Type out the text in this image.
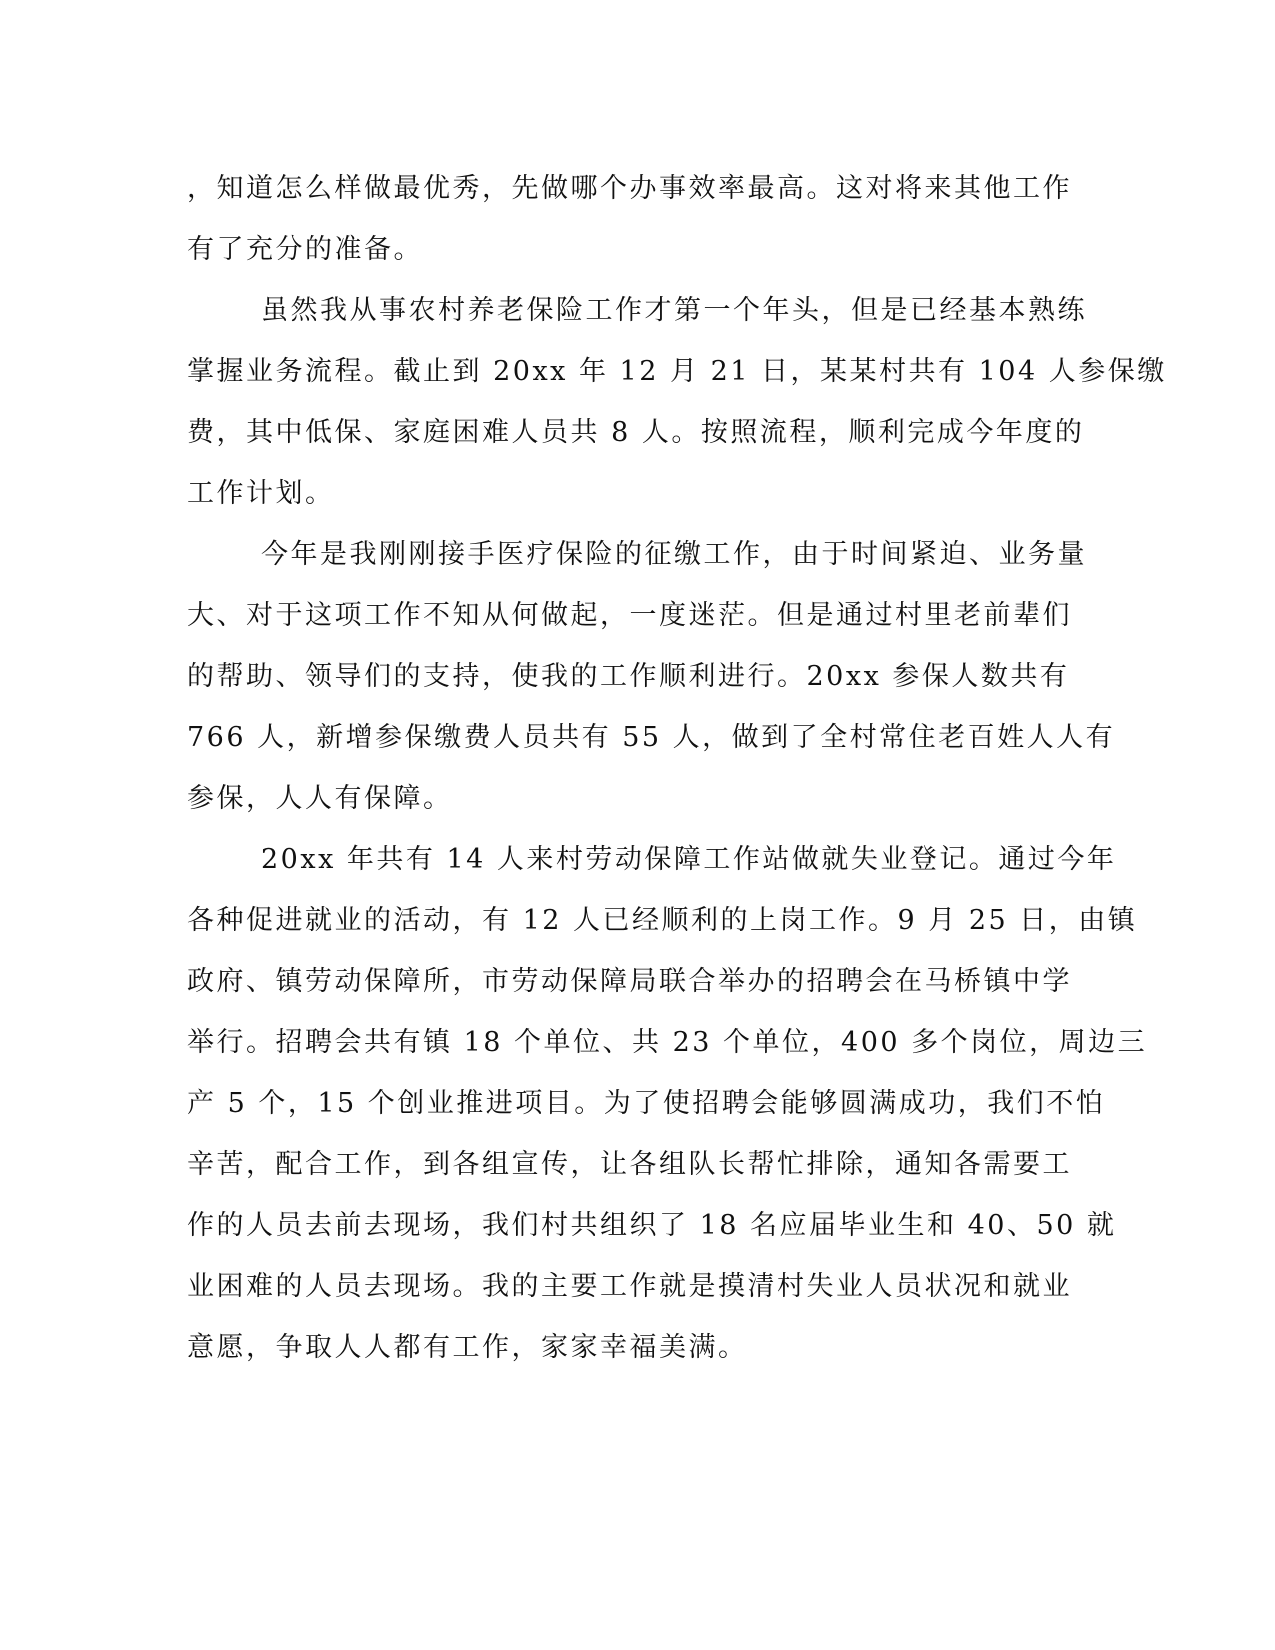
，知道怎么样做最优秀，先做哪个办事效率最高。这对将来其他工作
有了充分的准备。
虽然我从事农村养老保险工作才第一个年头，但是已经基本熟练
掌握业务流程。截止到 20xx 年 12 月 21 日，某某村共有 104 人参保缴
费，其中低保、家庭困难人员共 8 人。按照流程，顺利完成今年度的
工作计划。
今年是我刚刚接手医疗保险的征缴工作，由于时间紧迫、业务量
大、对于这项工作不知从何做起，一度迷茫。但是通过村里老前辈们
的帮助、领导们的支持，使我的工作顺利进行。20xx 参保人数共有
766 人，新增参保缴费人员共有 55 人，做到了全村常住老百姓人人有
参保，人人有保障。
20xx 年共有 14 人来村劳动保障工作站做就失业登记。通过今年
各种促进就业的活动，有 12 人已经顺利的上岗工作。9 月 25 日，由镇
政府、镇劳动保障所，市劳动保障局联合举办的招聘会在马桥镇中学
举行。招聘会共有镇 18 个单位、共 23 个单位，400 多个岗位，周边三
产 5 个，15 个创业推进项目。为了使招聘会能够圆满成功，我们不怕
辛苦，配合工作，到各组宣传，让各组队长帮忙排除，通知各需要工
作的人员去前去现场，我们村共组织了 18 名应届毕业生和 40、50 就
业困难的人员去现场。我的主要工作就是摸清村失业人员状况和就业
意愿，争取人人都有工作，家家幸福美满。
